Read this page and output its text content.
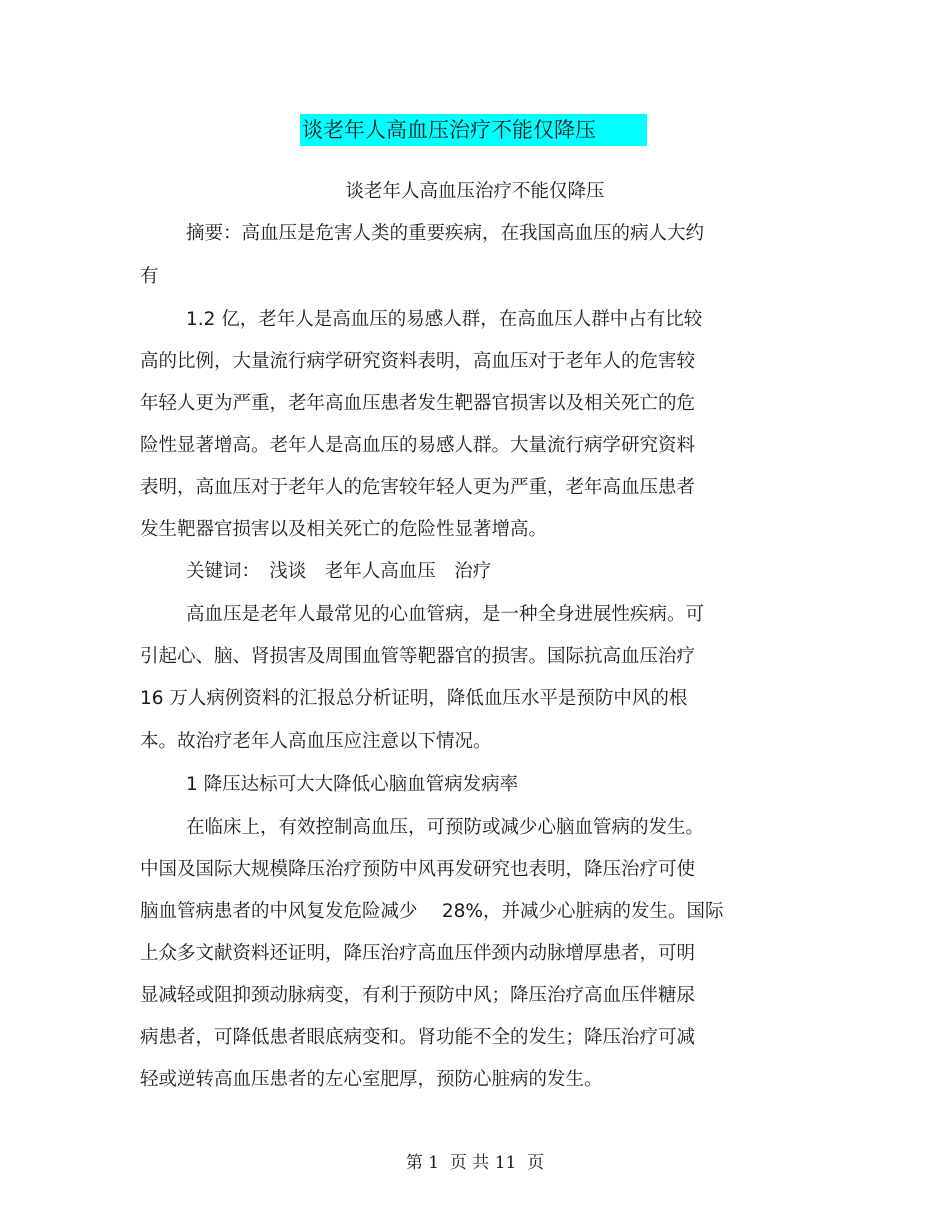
谈老年人高血压治疗不能仅降压
谈老年人高血压治疗不能仅降压
摘要：高血压是危害人类的重要疾病，在我国高血压的病人大约
有
1.2 亿，老年人是高血压的易感人群，在高血压人群中占有比较
高的比例，大量流行病学研究资料表明，高血压对于老年人的危害较
年轻人更为严重，老年高血压患者发生靶器官损害以及相关死亡的危
险性显著增高。老年人是高血压的易感人群。大量流行病学研究资料
表明，高血压对于老年人的危害较年轻人更为严重，老年高血压患者
发生靶器官损害以及相关死亡的危险性显著增高。
关键词：　浅谈　老年人高血压　治疗
高血压是老年人最常见的心血管病，是一种全身进展性疾病。可
引起心、脑、肾损害及周围血管等靶器官的损害。国际抗高血压治疗
16 万人病例资料的汇报总分析证明，降低血压水平是预防中风的根
本。故治疗老年人高血压应注意以下情况。
1 降压达标可大大降低心脑血管病发病率
在临床上，有效控制高血压，可预防或减少心脑血管病的发生。
中国及国际大规模降压治疗预防中风再发研究也表明，降压治疗可使
脑血管病患者的中风复发危险减少　 28%，并减少心脏病的发生。国际
上众多文献资料还证明，降压治疗高血压伴颈内动脉增厚患者，可明
显减轻或阻抑颈动脉病变，有利于预防中风；降压治疗高血压伴糖尿
病患者，可降低患者眼底病变和。肾功能不全的发生；降压治疗可减
轻或逆转高血压患者的左心室肥厚，预防心脏病的发生。
第 1  页 共 11  页
